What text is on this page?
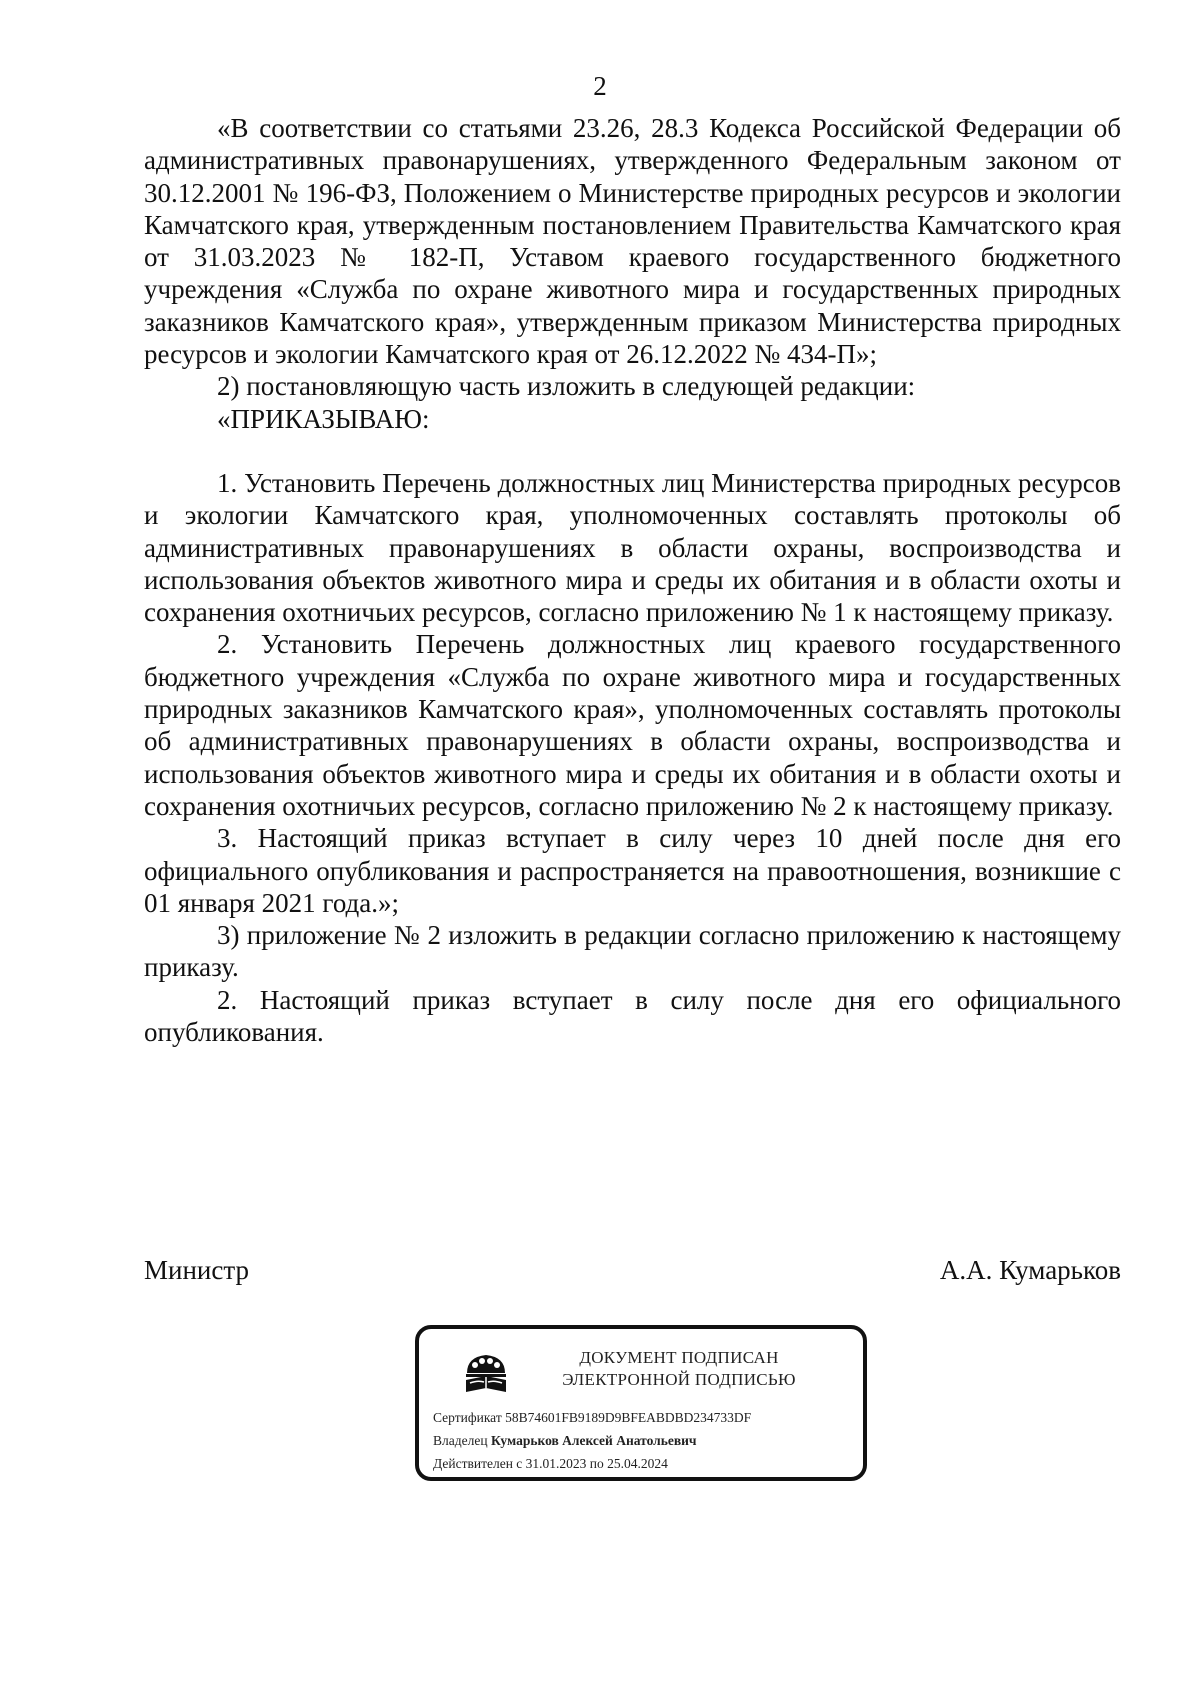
2

«В соответствии со статьями 23.26, 28.3 Кодекса Российской Федерации об административных правонарушениях, утвержденного Федеральным законом от 30.12.2001 № 196-ФЗ, Положением о Министерстве природных ресурсов и экологии Камчатского края, утвержденным постановлением Правительства Камчатского края от 31.03.2023 № 182-П, Уставом краевого государственного бюджетного учреждения «Служба по охране животного мира и государственных природных заказников Камчатского края», утвержденным приказом Министерства природных ресурсов и экологии Камчатского края от 26.12.2022 № 434-П»;

2) постановляющую часть изложить в следующей редакции:

«ПРИКАЗЫВАЮ:

1. Установить Перечень должностных лиц Министерства природных ресурсов и экологии Камчатского края, уполномоченных составлять протоколы об административных правонарушениях в области охраны, воспроизводства и использования объектов животного мира и среды их обитания и в области охоты и сохранения охотничьих ресурсов, согласно приложению № 1 к настоящему приказу.

2. Установить Перечень должностных лиц краевого государственного бюджетного учреждения «Служба по охране животного мира и государственных природных заказников Камчатского края», уполномоченных составлять протоколы об административных правонарушениях в области охраны, воспроизводства и использования объектов животного мира и среды их обитания и в области охоты и сохранения охотничьих ресурсов, согласно приложению № 2 к настоящему приказу.

3. Настоящий приказ вступает в силу через 10 дней после дня его официального опубликования и распространяется на правоотношения, возникшие с 01 января 2021 года.»;

3) приложение № 2 изложить в редакции согласно приложению к настоящему приказу.

2. Настоящий приказ вступает в силу после дня его официального опубликования.

Министр	А.А. Кумарьков
ДОКУМЕНТ ПОДПИСАН
ЭЛЕКТРОННОЙ ПОДПИСЬЮ
Сертификат 58B74601FB9189D9BFEABDBD234733DF
Владелец Кумарьков Алексей Анатольевич
Действителен с 31.01.2023 по 25.04.2024
